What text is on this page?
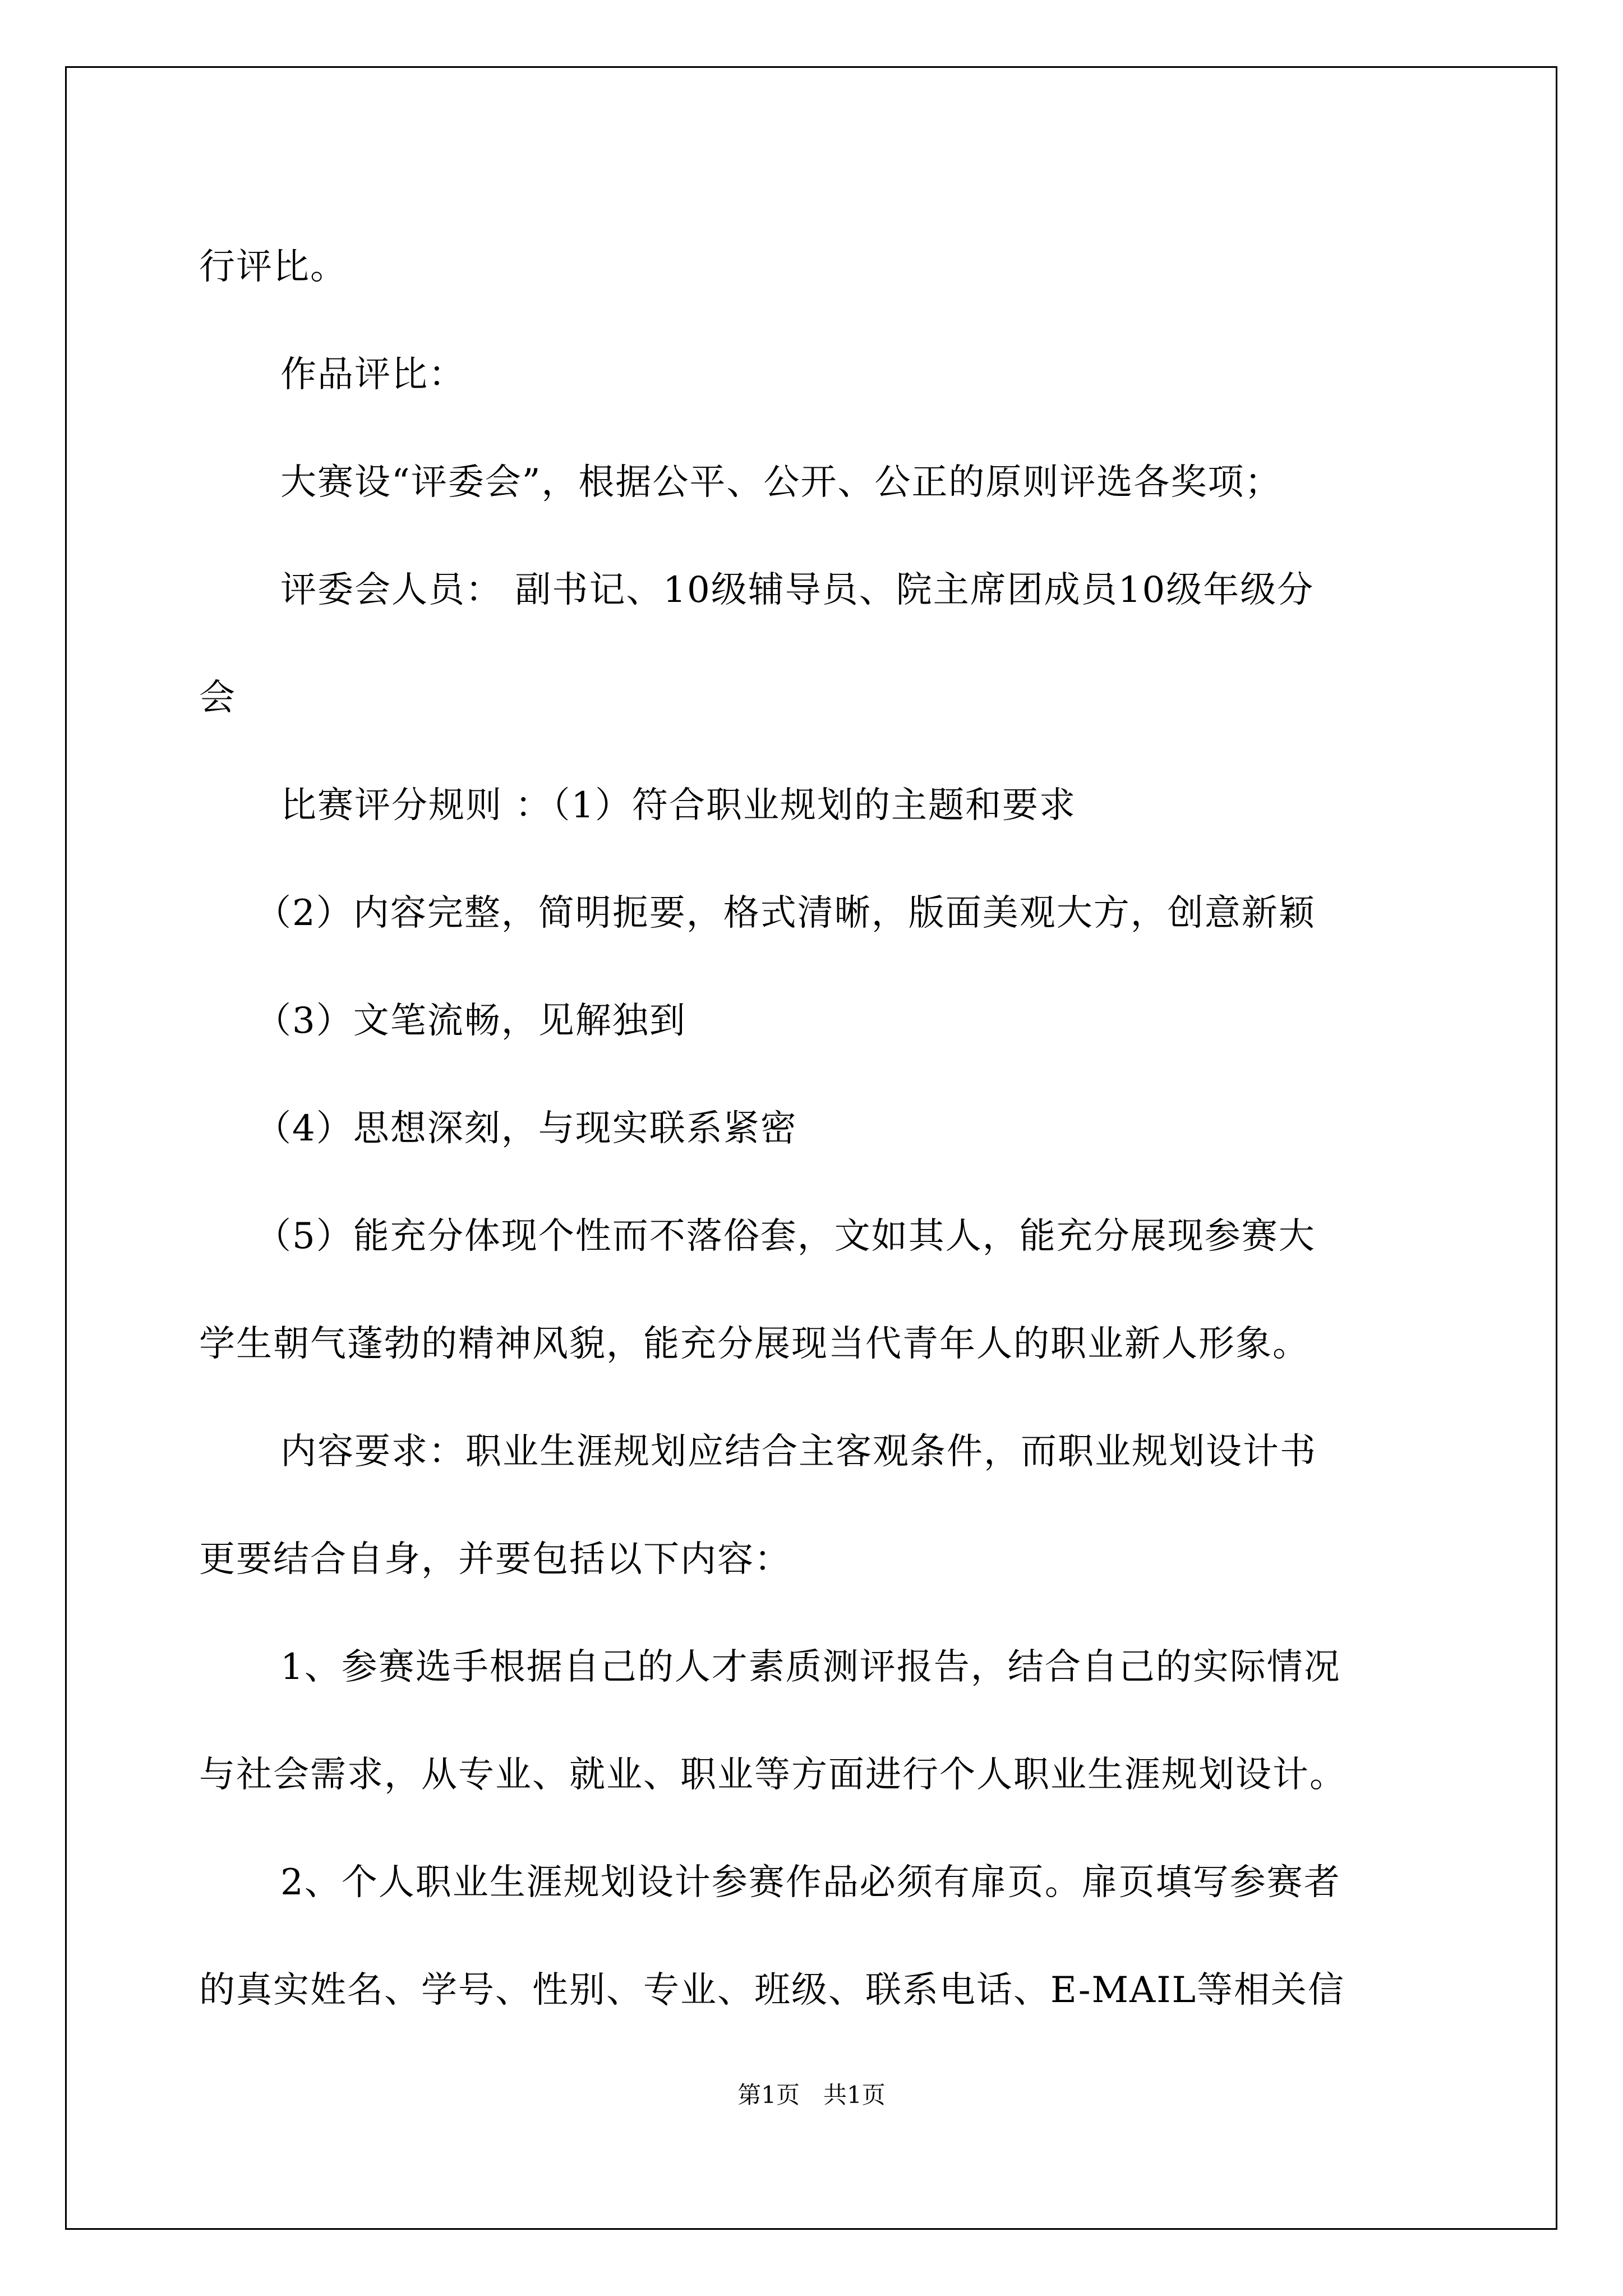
行评比。

作品评比：

大赛设“评委会”，根据公平、公开、公正的原则评选各奖项；

评委会人员： 副书记、10级辅导员、院主席团成员10级年级分

会

比赛评分规则 ：（1）符合职业规划的主题和要求

（2）内容完整，简明扼要，格式清晰，版面美观大方，创意新颖

（3）文笔流畅，见解独到

（4）思想深刻，与现实联系紧密

（5）能充分体现个性而不落俗套，文如其人，能充分展现参赛大

学生朝气蓬勃的精神风貌，能充分展现当代青年人的职业新人形象。

内容要求：职业生涯规划应结合主客观条件，而职业规划设计书

更要结合自身，并要包括以下内容：

1、参赛选手根据自己的人才素质测评报告，结合自己的实际情况

与社会需求，从专业、就业、职业等方面进行个人职业生涯规划设计。

2、个人职业生涯规划设计参赛作品必须有扉页。扉页填写参赛者

的真实姓名、学号、性别、专业、班级、联系电话、E-MAIL等相关信

第1页　共1页
